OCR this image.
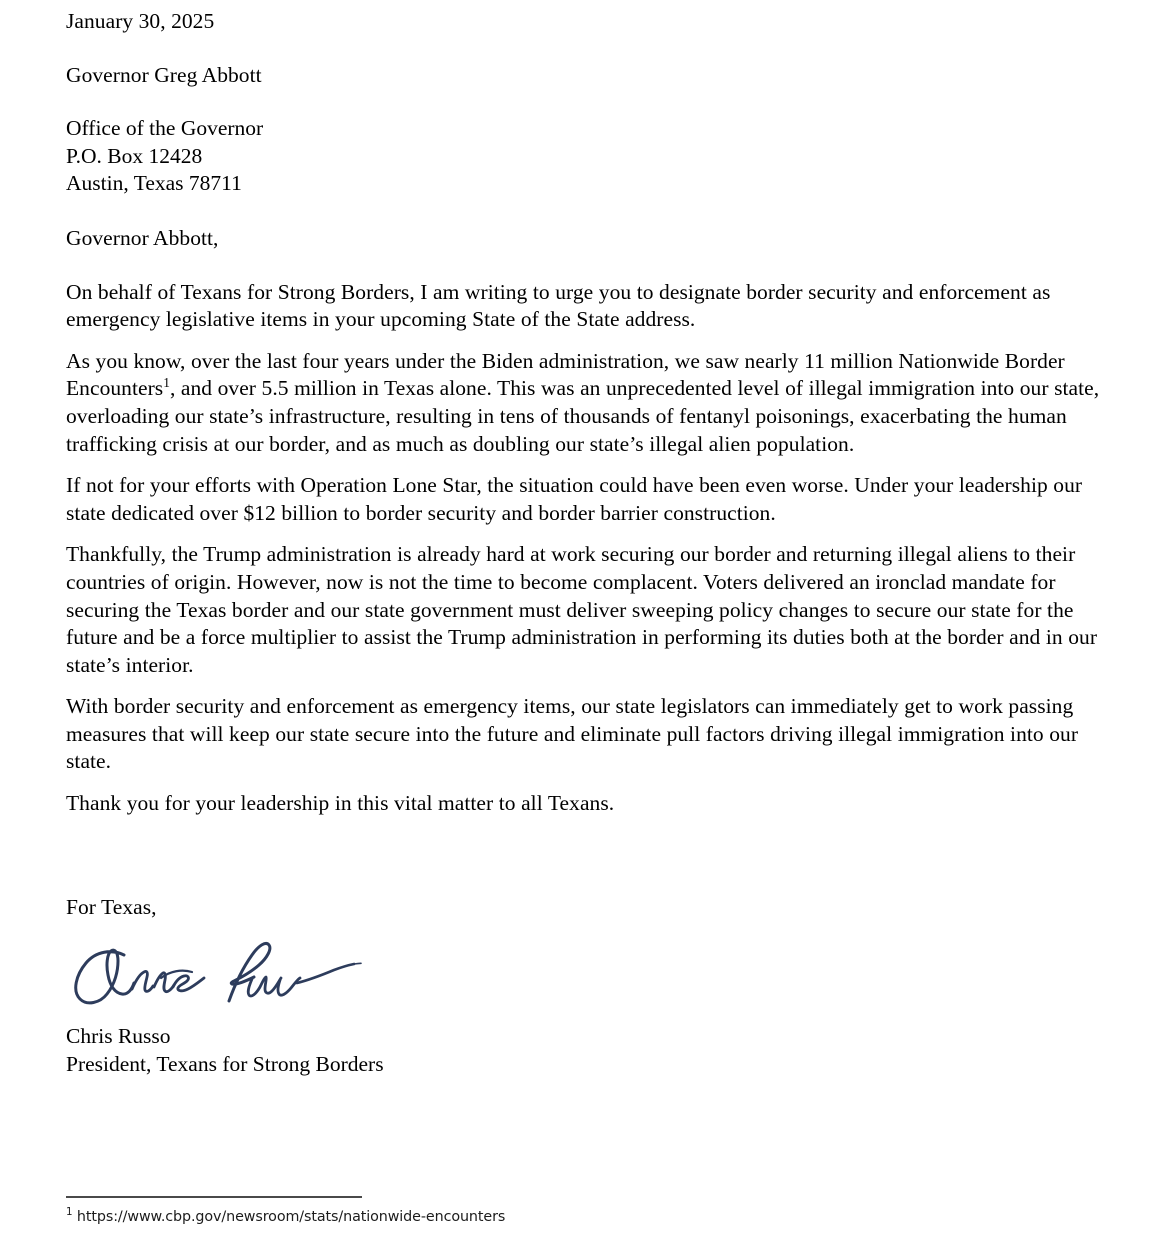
January 30, 2025
Governor Greg Abbott
Office of the Governor
P.O. Box 12428
Austin, Texas 78711
Governor Abbott,

On behalf of Texans for Strong Borders, I am writing to urge you to designate border security and enforcement as emergency legislative items in your upcoming State of the State address.

As you know, over the last four years under the Biden administration, we saw nearly 11 million Nationwide Border Encounters$^1$, and over 5.5 million in Texas alone. This was an unprecedented level of illegal immigration into our state, overloading our state’s infrastructure, resulting in tens of thousands of fentanyl poisonings, exacerbating the human trafficking crisis at our border, and as much as doubling our state’s illegal alien population.

If not for your efforts with Operation Lone Star, the situation could have been even worse. Under your leadership our state dedicated over $12 billion to border security and border barrier construction.

Thankfully, the Trump administration is already hard at work securing our border and returning illegal aliens to their countries of origin. However, now is not the time to become complacent. Voters delivered an ironclad mandate for securing the Texas border and our state government must deliver sweeping policy changes to secure our state for the future and be a force multiplier to assist the Trump administration in performing its duties both at the border and in our state’s interior.

With border security and enforcement as emergency items, our state legislators can immediately get to work passing measures that will keep our state secure into the future and eliminate pull factors driving illegal immigration into our state.

Thank you for your leadership in this vital matter to all Texans.

For Texas,
Chris Russo
President, Texans for Strong Borders
$^1$ https://www.cbp.gov/newsroom/stats/nationwide-encounters
